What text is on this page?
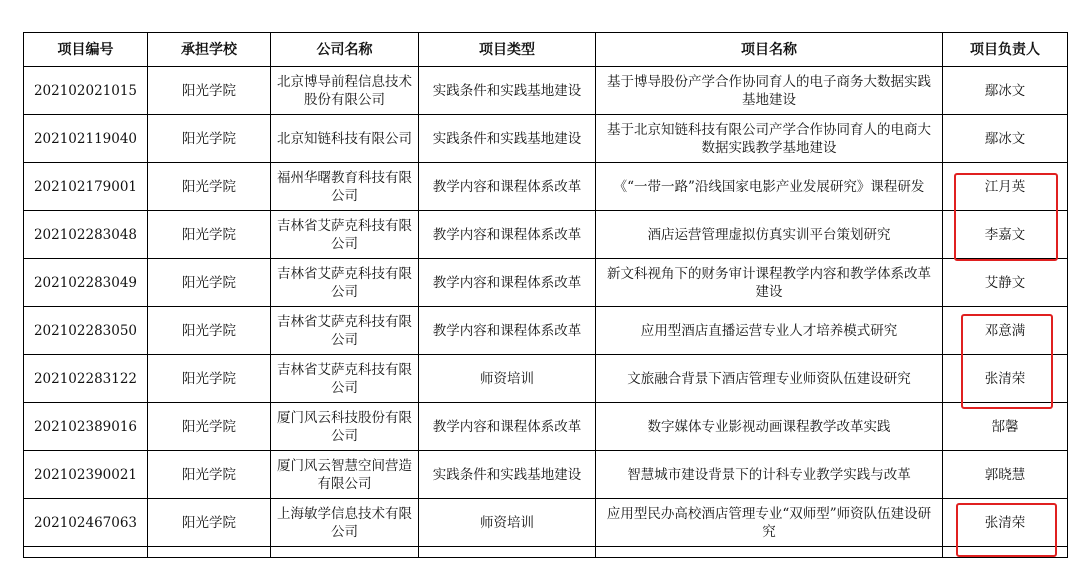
项目编号	承担学校	公司名称	项目类型	项目名称	项目负责人
202102021015	阳光学院	北京博导前程信息技术股份有限公司	实践条件和实践基地建设	基于博导股份产学合作协同育人的电子商务大数据实践基地建设	鄢冰文
202102119040	阳光学院	北京知链科技有限公司	实践条件和实践基地建设	基于北京知链科技有限公司产学合作协同育人的电商大数据实践教学基地建设	鄢冰文
202102179001	阳光学院	福州华曙教育科技有限公司	教学内容和课程体系改革	《“一带一路”沿线国家电影产业发展研究》课程研发	江月英
202102283048	阳光学院	吉林省艾萨克科技有限公司	教学内容和课程体系改革	酒店运营管理虚拟仿真实训平台策划研究	李嘉文
202102283049	阳光学院	吉林省艾萨克科技有限公司	教学内容和课程体系改革	新文科视角下的财务审计课程教学内容和教学体系改革建设	艾静文
202102283050	阳光学院	吉林省艾萨克科技有限公司	教学内容和课程体系改革	应用型酒店直播运营专业人才培养模式研究	邓意满
202102283122	阳光学院	吉林省艾萨克科技有限公司	师资培训	文旅融合背景下酒店管理专业师资队伍建设研究	张清荣
202102389016	阳光学院	厦门风云科技股份有限公司	教学内容和课程体系改革	数字媒体专业影视动画课程教学改革实践	郜馨
202102390021	阳光学院	厦门风云智慧空间营造有限公司	实践条件和实践基地建设	智慧城市建设背景下的计科专业教学实践与改革	郭晓慧
202102467063	阳光学院	上海敏学信息技术有限公司	师资培训	应用型民办高校酒店管理专业“双师型”师资队伍建设研究	张清荣
